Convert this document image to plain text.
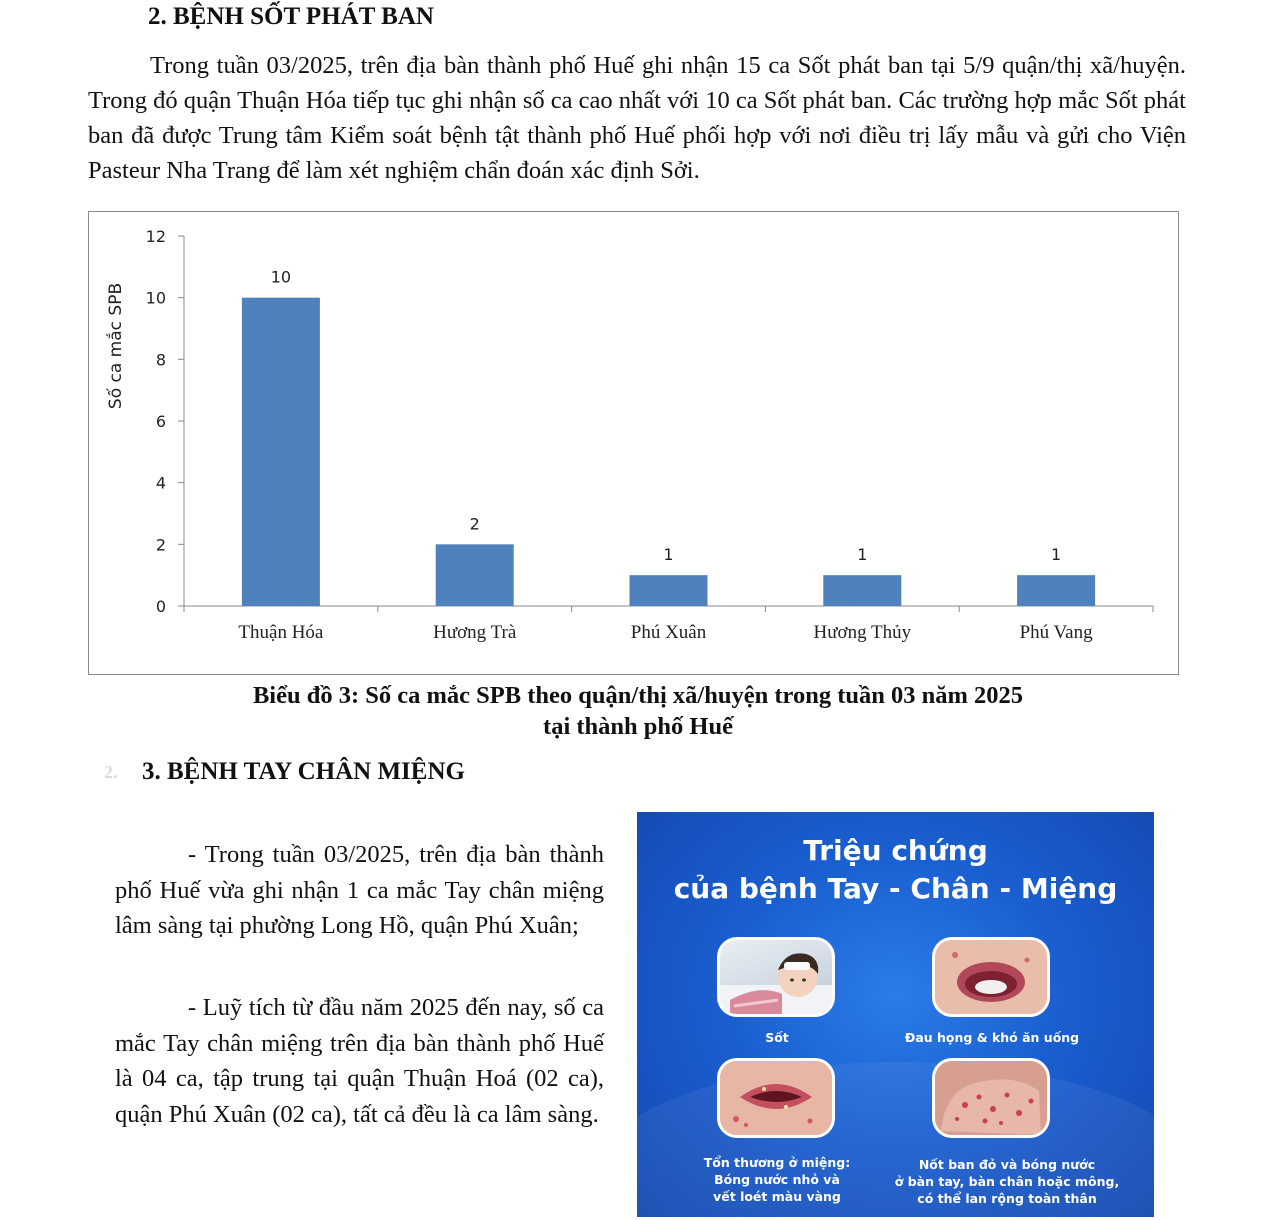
2. BỆNH SỐT PHÁT BAN
Trong tuần 03/2025, trên địa bàn thành phố Huế ghi nhận 15 ca Sốt phát ban tại 5/9 quận/thị xã/huyện. Trong đó quận Thuận Hóa tiếp tục ghi nhận số ca cao nhất với 10 ca Sốt phát ban. Các trường hợp mắc Sốt phát ban đã được Trung tâm Kiểm soát bệnh tật thành phố Huế phối hợp với nơi điều trị lấy mẫu và gửi cho Viện Pasteur Nha Trang để làm xét nghiệm chẩn đoán xác định Sởi.
0
2
4
6
8
10
12
10
Thuận Hóa
2
Hương Trà
1
Phú Xuân
1
Hương Thủy
1
Phú Vang
Số ca mắc SPB
Biểu đồ 3: Số ca mắc SPB theo quận/thị xã/huyện trong tuần 03 năm 2025
tại thành phố Huế
2. 3. BỆNH TAY CHÂN MIỆNG
- Trong tuần 03/2025, trên địa bàn thành phố Huế vừa ghi nhận 1 ca mắc Tay chân miệng lâm sàng tại phường Long Hồ, quận Phú Xuân;
- Luỹ tích từ đầu năm 2025 đến nay, số ca mắc Tay chân miệng trên địa bàn thành phố Huế là 04 ca, tập trung tại quận Thuận Hoá (02 ca), quận Phú Xuân (02 ca), tất cả đều là ca lâm sàng.
Triệu chứng
của bệnh Tay - Chân - Miệng
Sốt	Đau họng & khó ăn uống
Tổn thương ở miệng:
Bóng nước nhỏ và
vết loét màu vàng
Nốt ban đỏ và bóng nước
ở bàn tay, bàn chân hoặc mông,
có thể lan rộng toàn thân
